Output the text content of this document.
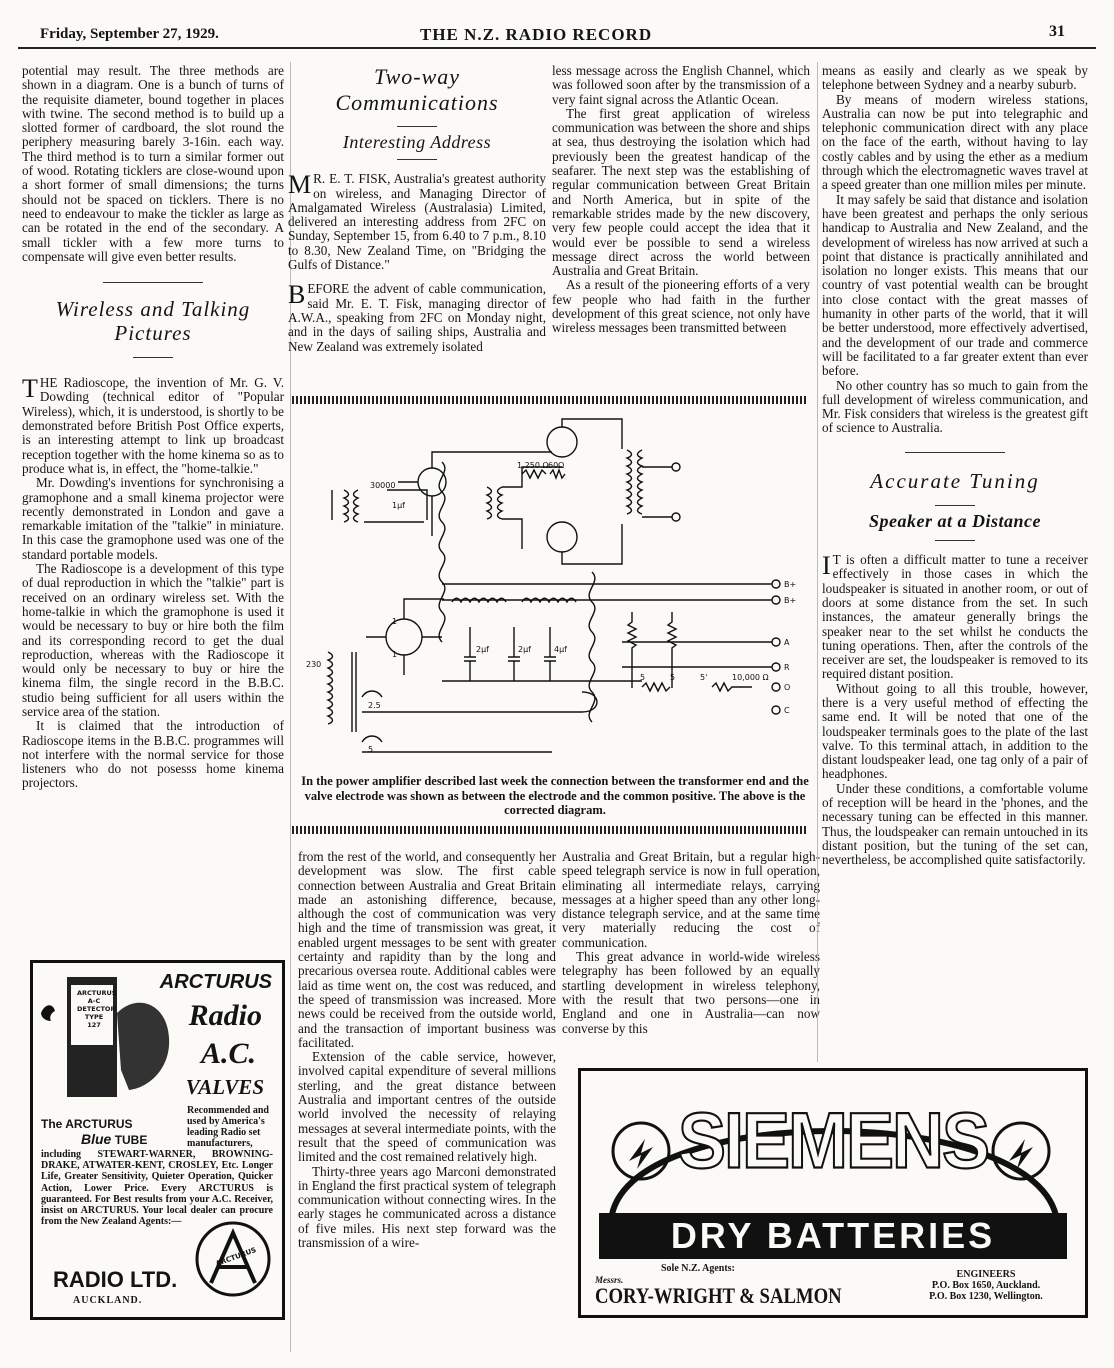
Friday, September 27, 1929.	THE N.Z. RADIO RECORD	31

potential may result. The three methods are shown in a diagram. One is a bunch of turns of the requisite diameter, bound together in places with twine. The second method is to build up a slotted former of cardboard, the slot round the periphery measuring barely 3-16in. each way. The third method is to turn a similar former out of wood. Rotating ticklers are close-wound upon a short former of small dimensions; the turns should not be spaced on ticklers. There is no need to endeavour to make the tickler as large as can be rotated in the end of the secondary. A small tickler with a few more turns to compensate will give even better results.

Wireless and Talking Pictures

THE Radioscope, the invention of Mr. G. V. Dowding (technical editor of "Popular Wireless), which, it is understood, is shortly to be demonstrated before British Post Office experts, is an interesting attempt to link up broadcast reception together with the home kinema so as to produce what is, in effect, the "home-talkie."

Mr. Dowding's inventions for synchronising a gramophone and a small kinema projector were recently demonstrated in London and gave a remarkable imitation of the "talkie" in miniature. In this case the gramophone used was one of the standard portable models.

The Radioscope is a development of this type of dual reproduction in which the "talkie" part is received on an ordinary wireless set. With the home-talkie in which the gramophone is used it would be necessary to buy or hire both the film and its corresponding record to get the dual reproduction, whereas with the Radioscope it would only be necessary to buy or hire the kinema film, the single record in the B.B.C. studio being sufficient for all users within the service area of the station.

It is claimed that the introduction of Radioscope items in the B.B.C. programmes will not interfere with the normal service for those listeners who do not posesss home kinema projectors.

Two-way Communications
Interesting Address

MR. E. T. FISK, Australia's greatest authority on wireless, and Managing Director of Amalgamated Wireless (Australasia) Limited, delivered an interesting address from 2FC on Sunday, September 15, from 6.40 to 7 p.m., 8.10 to 8.30, New Zealand Time, on "Bridging the Gulfs of Distance."

BEFORE the advent of cable communication, said Mr. E. T. Fisk, managing director of A.W.A., speaking from 2FC on Monday night, and in the days of sailing ships, Australia and New Zealand was extremely isolated

less message across the English Channel, which was followed soon after by the transmission of a very faint signal across the Atlantic Ocean.

The first great application of wireless communication was between the shore and ships at sea, thus destroying the isolation which had previously been the greatest handicap of the seafarer. The next step was the establishing of regular communication between Great Britain and North America, but in spite of the remarkable strides made by the new discovery, very few people could accept the idea that it would ever be possible to send a wireless message direct across the world between Australia and Great Britain.

As a result of the pioneering efforts of a very few people who had faith in the further development of this great science, not only have wireless messages been transmitted between

30000
1,250 Ω 60Ω
B+
B+
A
R
O
C
10,000 Ω
1
1
2μf	2μf	4μf
230
2.5
5
5	5	5'
1μf
In the power amplifier described last week the connection between the transformer end and the valve electrode was shown as between the electrode and the common positive. The above is the corrected diagram.

from the rest of the world, and consequently her development was slow. The first cable connection between Australia and Great Britain made an astonishing difference, because, although the cost of communication was very high and the time of transmission was great, it enabled urgent messages to be sent with greater certainty and rapidity than by the long and precarious oversea route. Additional cables were laid as time went on, the cost was reduced, and the speed of transmission was increased. More news could be received from the outside world, and the transaction of important business was facilitated.

Extension of the cable service, however, involved capital expenditure of several millions sterling, and the great distance between Australia and important centres of the outside world involved the necessity of relaying messages at several intermediate points, with the result that the speed of communication was limited and the cost remained relatively high.

Thirty-three years ago Marconi demonstrated in England the first practical system of telegraph communication without connecting wires. In the early stages he communicated across a distance of five miles. His next step forward was the transmission of a wire-

Australia and Great Britain, but a regular high-speed telegraph service is now in full operation, eliminating all intermediate relays, carrying messages at a higher speed than any other long-distance telegraph service, and at the same time very materially reducing the cost of communication.

This great advance in world-wide wireless telegraphy has been followed by an equally startling development in wireless telephony, with the result that two persons—one in England and one in Australia—can now converse by this

means as easily and clearly as we speak by telephone between Sydney and a nearby suburb.

By means of modern wireless stations, Australia can now be put into telegraphic and telephonic communication direct with any place on the face of the earth, without having to lay costly cables and by using the ether as a medium through which the electromagnetic waves travel at a speed greater than one million miles per minute.

It may safely be said that distance and isolation have been greatest and perhaps the only serious handicap to Australia and New Zealand, and the development of wireless has now arrived at such a point that distance is practically annihilated and isolation no longer exists. This means that our country of vast potential wealth can be brought into close contact with the great masses of humanity in other parts of the world, that it will be better understood, more effectively advertised, and the development of our trade and commerce will be facilitated to a far greater extent than ever before.

No other country has so much to gain from the full development of wireless communication, and Mr. Fisk considers that wireless is the greatest gift of science to Australia.

Accurate Tuning
Speaker at a Distance

IT is often a difficult matter to tune a receiver effectively in those cases in which the loudspeaker is situated in another room, or out of doors at some distance from the set. In such instances, the amateur generally brings the speaker near to the set whilst he conducts the tuning operations. Then, after the controls of the receiver are set, the loudspeaker is removed to its required distant position.

Without going to all this trouble, however, there is a very useful method of effecting the same end. It will be noted that one of the loudspeaker terminals goes to the plate of the last valve. To this terminal attach, in addition to the distant loudspeaker lead, one tag only of a pair of headphones.

Under these conditions, a comfortable volume of reception will be heard in the 'phones, and the necessary tuning can be effected in this manner. Thus, the loudspeaker can remain untouched in its distant position, but the tuning of the set can, nevertheless, be accomplished quite satisfactorily.

ARCTURUS A-C DETECTOR TYPE 127
ARCTURUS
Radio
A.C.
VALVES
Recommended and used by America's leading Radio set manufacturers,
The ARCTURUS
Blue TUBE
including STEWART-WARNER, BROWNING-DRAKE, ATWATER-KENT, CROSLEY, Etc. Longer Life, Greater Sensitivity, Quieter Operation, Quicker Action, Lower Price. Every ARCTURUS is guaranteed. For Best results from your A.C. Receiver, insist on ARCTURUS. Your local dealer can procure from the New Zealand Agents:—
RADIO LTD.
AUCKLAND.
ARCTURUS
SIEMENS
DRY BATTERIES
Sole N.Z. Agents:
Messrs.
CORY-WRIGHT & SALMON
ENGINEERS
P.O. Box 1650, Auckland.
P.O. Box 1230, Wellington.
